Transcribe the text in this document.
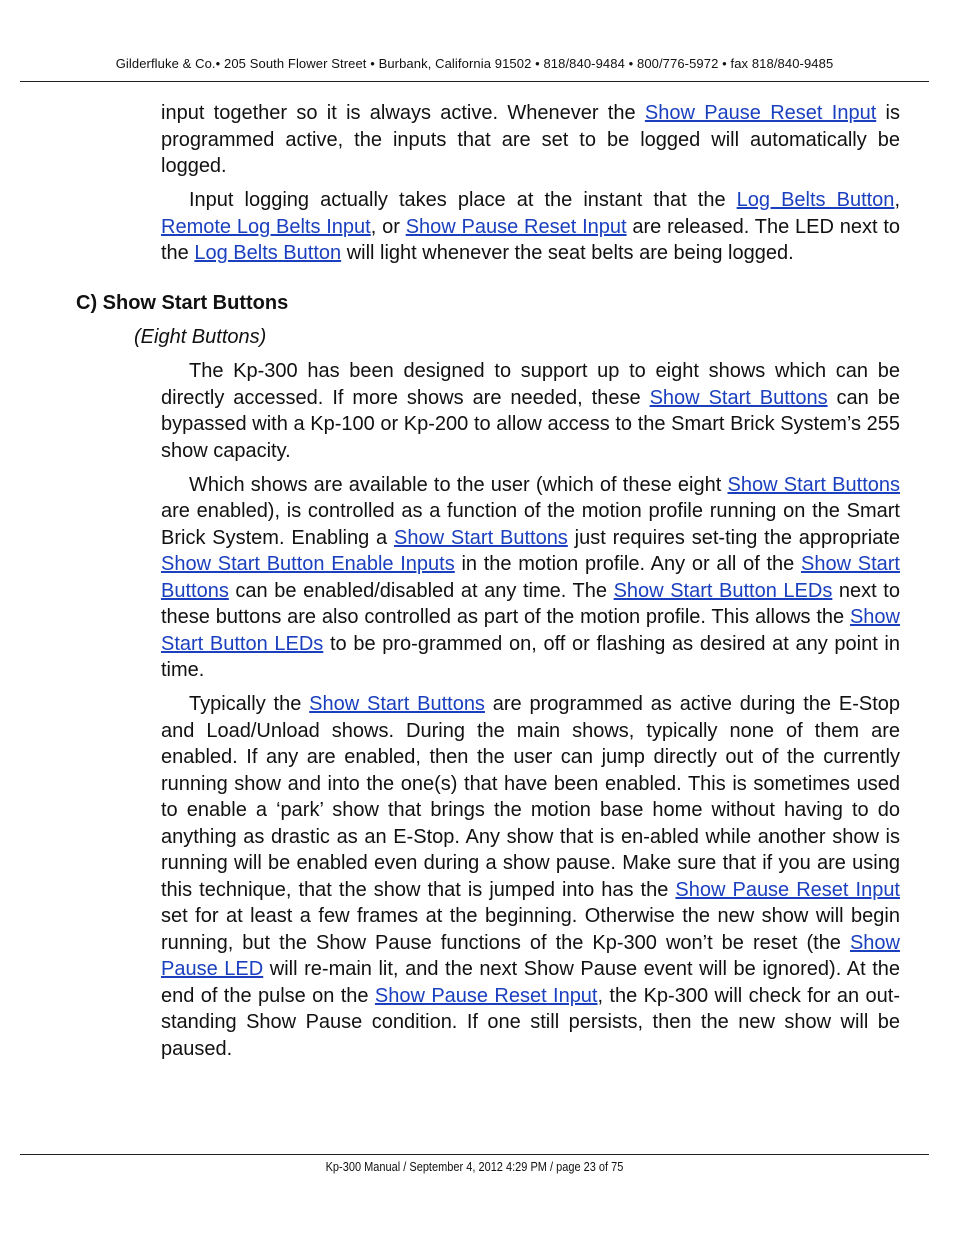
Gilderfluke & Co.• 205 South Flower Street • Burbank, California 91502 • 818/840-9484 • 800/776-5972 • fax 818/840-9485

input together so it is always active. Whenever the Show Pause Reset Input is programmed active, the inputs that are set to be logged will automatically be logged.

Input logging actually takes place at the instant that the Log Belts Button, Remote Log Belts Input, or Show Pause Reset Input are released. The LED next to the Log Belts Button will light whenever the seat belts are being logged.

C) Show Start Buttons

(Eight Buttons)

The Kp-300 has been designed to support up to eight shows which can be directly accessed. If more shows are needed, these Show Start Buttons can be bypassed with a Kp-100 or Kp-200 to allow access to the Smart Brick System’s 255 show capacity.

Which shows are available to the user (which of these eight Show Start Buttons are enabled), is controlled as a function of the motion profile running on the Smart Brick System. Enabling a Show Start Buttons just requires set-ting the appropriate Show Start Button Enable Inputs in the motion profile. Any or all of the Show Start Buttons can be enabled/disabled at any time. The Show Start Button LEDs next to these buttons are also controlled as part of the motion profile. This allows the Show Start Button LEDs to be pro-grammed on, off or flashing as desired at any point in time.

Typically the Show Start Buttons are programmed as active during the E-Stop and Load/Unload shows. During the main shows, typically none of them are enabled. If any are enabled, then the user can jump directly out of the currently running show and into the one(s) that have been enabled. This is sometimes used to enable a ‘park’ show that brings the motion base home without having to do anything as drastic as an E-Stop. Any show that is en-abled while another show is running will be enabled even during a show pause. Make sure that if you are using this technique, that the show that is jumped into has the Show Pause Reset Input set for at least a few frames at the beginning. Otherwise the new show will begin running, but the Show Pause functions of the Kp-300 won’t be reset (the Show Pause LED will re-main lit, and the next Show Pause event will be ignored). At the end of the pulse on the Show Pause Reset Input, the Kp-300 will check for an out-standing Show Pause condition. If one still persists, then the new show will be paused.

Kp-300 Manual / September 4, 2012 4:29 PM / page 23 of 75
